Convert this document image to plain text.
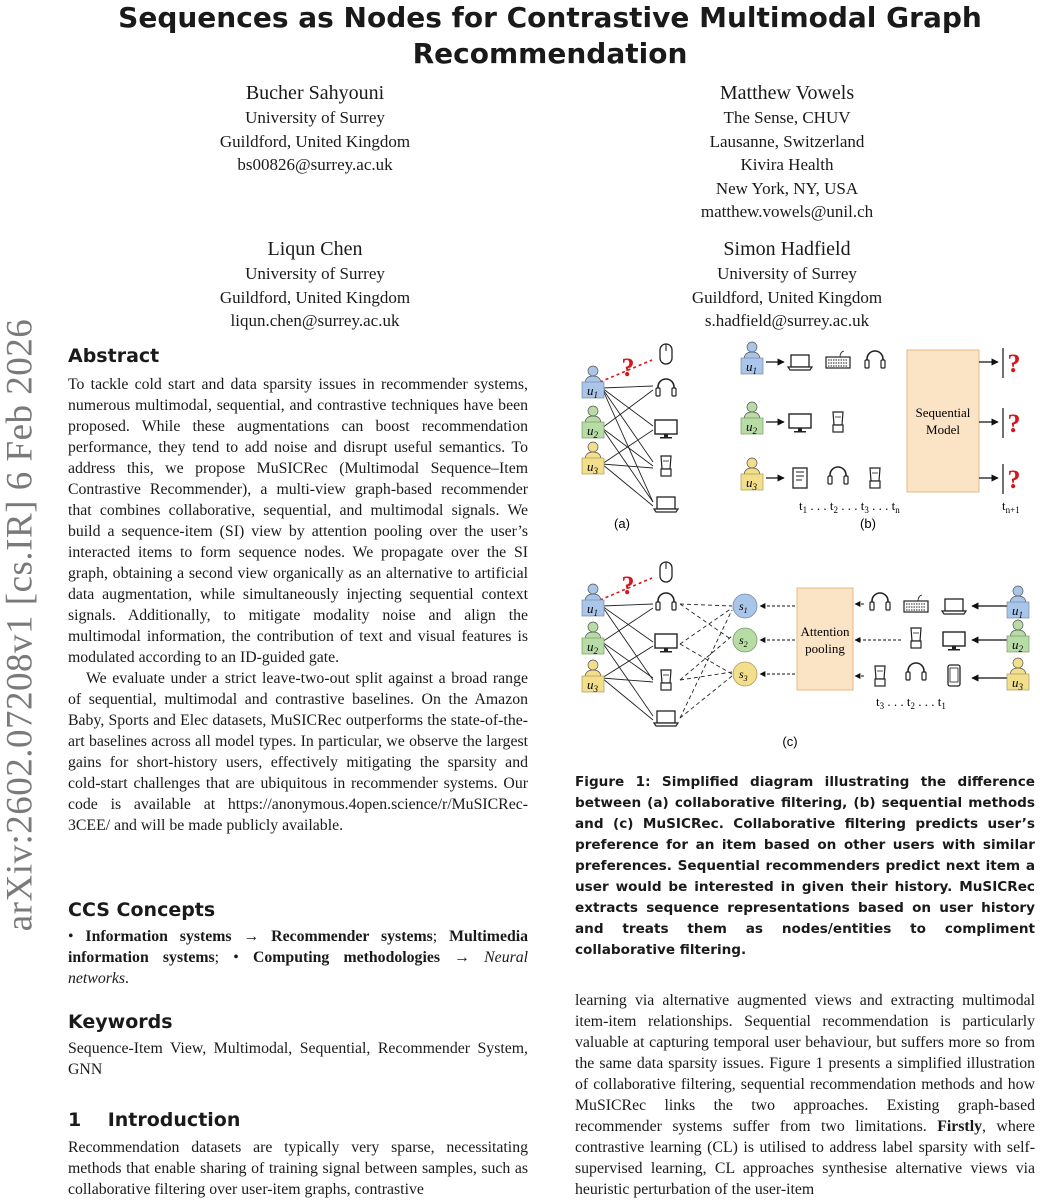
arXiv:2602.07208v1 [cs.IR] 6 Feb 2026
Sequences as Nodes for Contrastive Multimodal Graph Recommendation
Bucher Sahyouni
University of Surrey
Guildford, United Kingdom
bs00826@surrey.ac.uk
Matthew Vowels
The Sense, CHUV
Lausanne, Switzerland
Kivira Health
New York, NY, USA
matthew.vowels@unil.ch
Liqun Chen
University of Surrey
Guildford, United Kingdom
liqun.chen@surrey.ac.uk
Simon Hadfield
University of Surrey
Guildford, United Kingdom
s.hadfield@surrey.ac.uk
Abstract

To tackle cold start and data sparsity issues in recommender systems, numerous multimodal, sequential, and contrastive techniques have been proposed. While these augmentations can boost recommendation performance, they tend to add noise and disrupt useful semantics. To address this, we propose MuSICRec (Multimodal Sequence–Item Contrastive Recommender), a multi-view graph-based recommender that combines collaborative, sequential, and multimodal signals. We build a sequence-item (SI) view by attention pooling over the user’s interacted items to form sequence nodes. We propagate over the SI graph, obtaining a second view organically as an alternative to artificial data augmentation, while simultaneously injecting sequential context signals. Additionally, to mitigate modality noise and align the multimodal information, the contribution of text and visual features is modulated according to an ID-guided gate.

We evaluate under a strict leave-two-out split against a broad range of sequential, multimodal and contrastive baselines. On the Amazon Baby, Sports and Elec datasets, MuSICRec outperforms the state-of-the-art baselines across all model types. In particular, we observe the largest gains for short-history users, effectively mitigating the sparsity and cold-start challenges that are ubiquitous in recommender systems. Our code is available at https://anonymous.4open.science/r/MuSICRec-3CEE/ and will be made publicly available.

CCS Concepts
• Information systems → Recommender systems; Multimedia information systems; • Computing methodologies → Neural networks.
Keywords
Sequence-Item View, Multimodal, Sequential, Recommender System, GNN
1 Introduction
Recommendation datasets are typically very sparse, necessitating methods that enable sharing of training signal between samples, such as collaborative filtering over user-item graphs, contrastive
learning via alternative augmented views and extracting multimodal item-item relationships. Sequential recommendation is particularly valuable at capturing temporal user behaviour, but suffers more so from the same data sparsity issues. Figure 1 presents a simplified illustration of collaborative filtering, sequential recommendation methods and how MuSICRec links the two approaches. Existing graph-based recommender systems suffer from two limitations. Firstly, where contrastive learning (CL) is utilised to address label sparsity with self-supervised learning, CL approaches synthesise alternative views via heuristic perturbation of the user-item
Figure 1: Simplified diagram illustrating the difference between (a) collaborative filtering, (b) sequential methods and (c) MuSICRec. Collaborative filtering predicts user’s preference for an item based on other users with similar preferences. Sequential recommenders predict next item a user would be interested in given their history. MuSICRec extracts sequence representations based on user history and treats them as nodes/entities to compliment collaborative filtering.
?
$u_1$
$u_2$
$u_3$
(a)
Sequential
Model
$u_1$
$u_2$
$u_3$
$t_1$ . . . $t_2$ . . . $t_3$ . . . $t_n$	$t_{n+1}$
(b)
$u_1$
$u_2$
$u_3$
$s_1$
$s_2$
$s_3$
Attention
pooling
$u_1$
$u_2$
$u_3$
$t_3$ . . . $t_2$ . . . $t_1$
(c)
